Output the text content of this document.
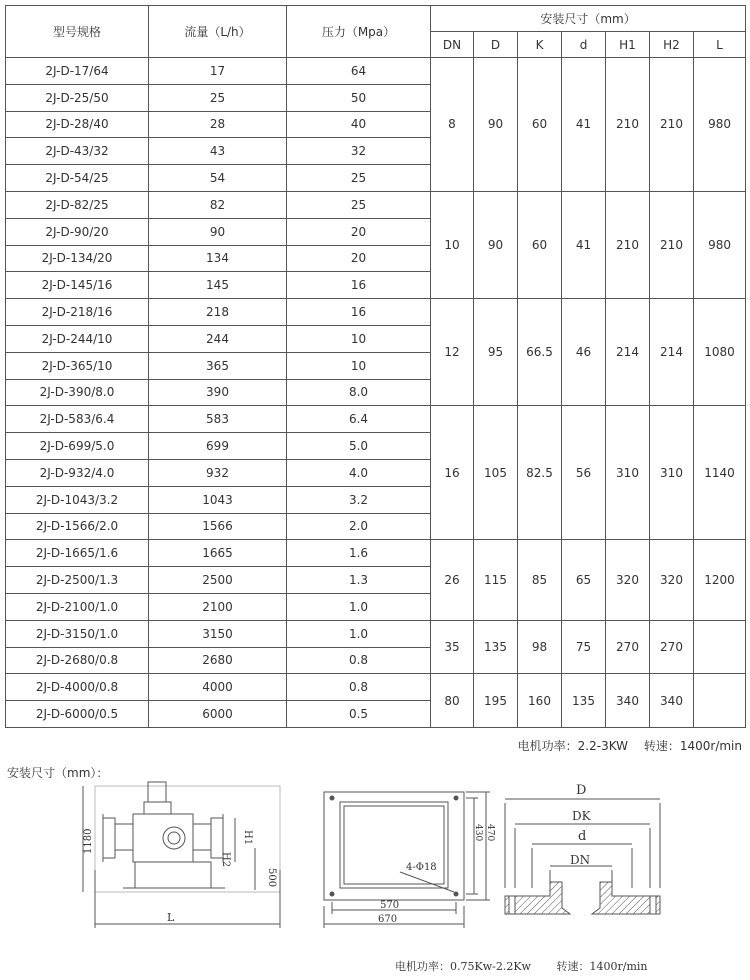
型号规格	流量（L/h）	压力（Mpa）	安装尺寸（mm）						
			DN	D	K	d	H1	H2	L
2J-D-17/64	17	64	8	90	60	41	210	210	980
2J-D-25/50	25	50							
2J-D-28/40	28	40							
2J-D-43/32	43	32							
2J-D-54/25	54	25							
2J-D-82/25	82	25	10	90	60	41	210	210	980
2J-D-90/20	90	20							
2J-D-134/20	134	20							
2J-D-145/16	145	16							
2J-D-218/16	218	16	12	95	66.5	46	214	214	1080
2J-D-244/10	244	10							
2J-D-365/10	365	10							
2J-D-390/8.0	390	8.0							
2J-D-583/6.4	583	6.4	16	105	82.5	56	310	310	1140
2J-D-699/5.0	699	5.0							
2J-D-932/4.0	932	4.0							
2J-D-1043/3.2	1043	3.2							
2J-D-1566/2.0	1566	2.0							
2J-D-1665/1.6	1665	1.6	26	115	85	65	320	320	1200
2J-D-2500/1.3	2500	1.3							
2J-D-2100/1.0	2100	1.0							
2J-D-3150/1.0	3150	1.0	35	135	98	75	270	270	
2J-D-2680/0.8	2680	0.8							
2J-D-4000/0.8	4000	0.8	80	195	160	135	340	340	
2J-D-6000/0.5	6000	0.5							
电机功率：2.2-3KW 转速：1400r/min
安装尺寸（mm）：
H1
H2
1180
500
L
4-Φ18
570
670
430 470
D
DK
d
DN
电机功率：0.75Kw-2.2Kw 转速：1400r/min
